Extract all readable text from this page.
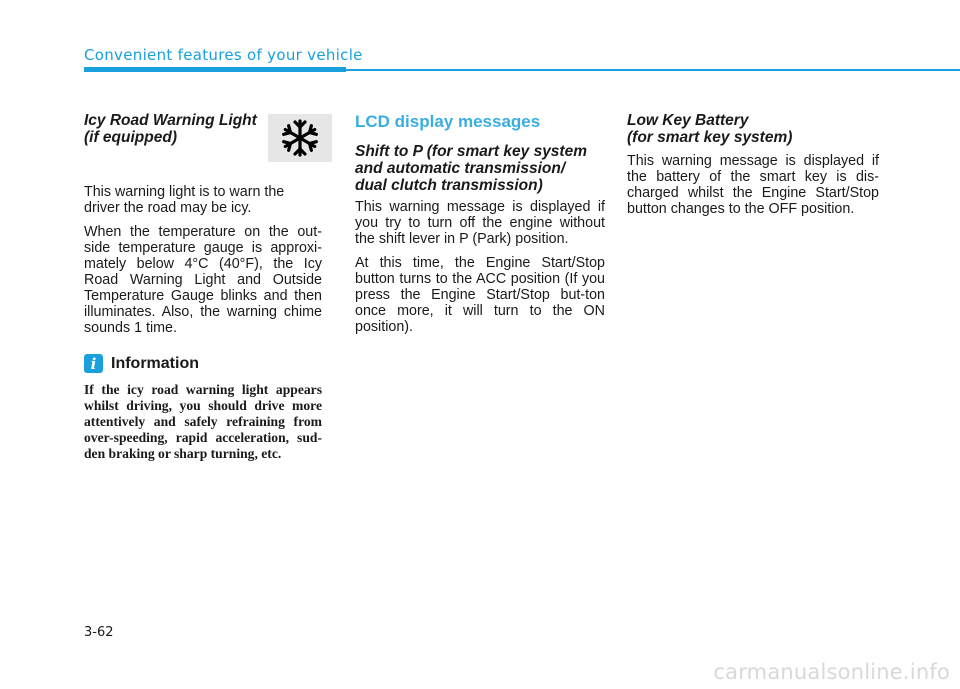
Convenient features of your vehicle
Icy Road Warning Light
(if equipped)

This warning light is to warn the driver the road may be icy.

When the temperature on the out-side temperature gauge is approxi-mately below 4°C (40°F), the Icy Road Warning Light and Outside Temperature Gauge blinks and then illuminates. Also, the warning chime sounds 1 time.

i Information

If the icy road warning light appears whilst driving, you should drive more attentively and safely refraining from over-speeding, rapid acceleration, sud-den braking or sharp turning, etc.

LCD display messages
Shift to P (for smart key system
and automatic transmission/
dual clutch transmission)

This warning message is displayed if you try to turn off the engine without the shift lever in P (Park) position.

At this time, the Engine Start/Stop button turns to the ACC position (If you press the Engine Start/Stop but-ton once more, it will turn to the ON position).

Low Key Battery
(for smart key system)

This warning message is displayed if the battery of the smart key is dis-charged whilst the Engine Start/Stop button changes to the OFF position.

3-62
carmanualsonline.info
